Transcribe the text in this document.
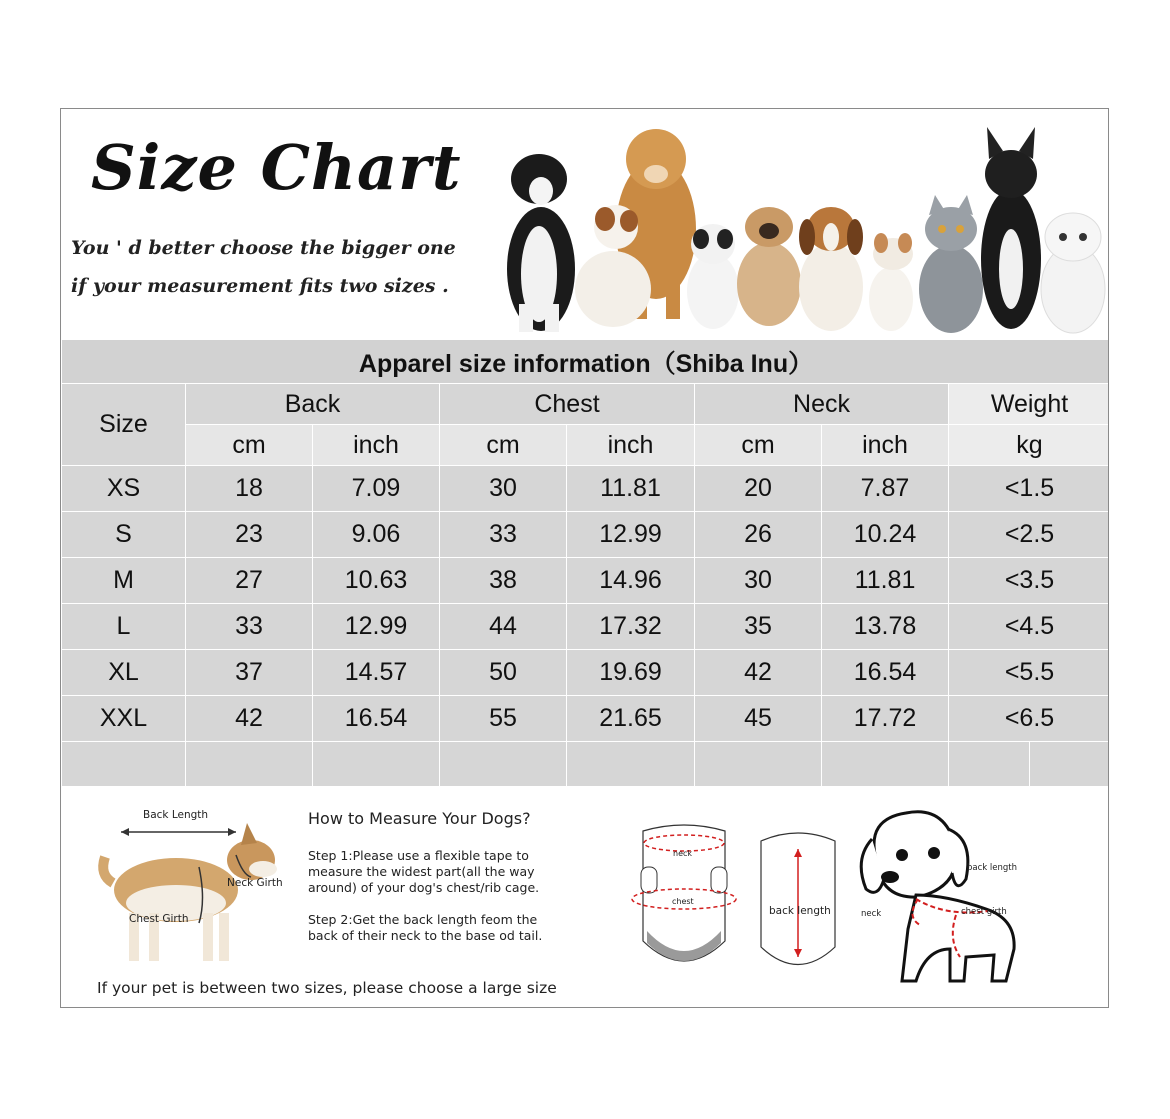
Size Chart
You ' d better choose the bigger one
if your measurement fits two sizes .
Apparel size information（Shiba Inu）								
Size	Back		Chest		Neck		Weight	
	cm	inch	cm	inch	cm	inch	kg	
XS	18	7.09	30	11.81	20	7.87	<1.5	
S	23	9.06	33	12.99	26	10.24	<2.5	
M	27	10.63	38	14.96	30	11.81	<3.5	
L	33	12.99	44	17.32	35	13.78	<4.5	
XL	37	14.57	50	19.69	42	16.54	<5.5	
XXL	42	16.54	55	21.65	45	17.72	<6.5	

Back Length
Neck Girth
Chest Girth
How to Measure Your Dogs?
Step 1:Please use a flexible tape to measure the widest part(all the way around) of your dog's chest/rib cage.
Step 2:Get the back length feom the back of their neck to the base od tail.
If your pet is between two sizes, please choose a large size
neck
chest
back length
back length
neck	chest girth
